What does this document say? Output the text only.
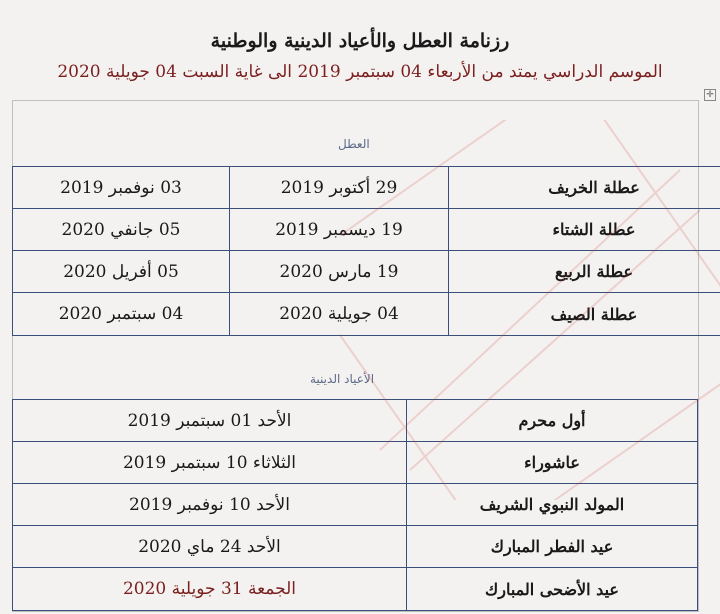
رزنامة العطل والأعياد الدينية والوطنية
الموسم الدراسي يمتد من الأربعاء 04 سبتمبر 2019 الى غاية السبت 04 جويلية 2020
✛
العطل
عطلة الخريف	29 أكتوبر 2019	03 نوفمبر 2019
عطلة الشتاء	19 ديسمبر 2019	05 جانفي 2020
عطلة الربيع	19 مارس 2020	05 أفريل 2020
عطلة الصيف	04 جويلية 2020	04 سبتمبر 2020
الأعياد الدينية
أول محرم	الأحد 01 سبتمبر 2019
عاشوراء	الثلاثاء 10 سبتمبر 2019
المولد النبوي الشريف	الأحد 10 نوفمبر 2019
عيد الفطر المبارك	الأحد 24 ماي 2020
عيد الأضحى المبارك	الجمعة 31 جويلية 2020
